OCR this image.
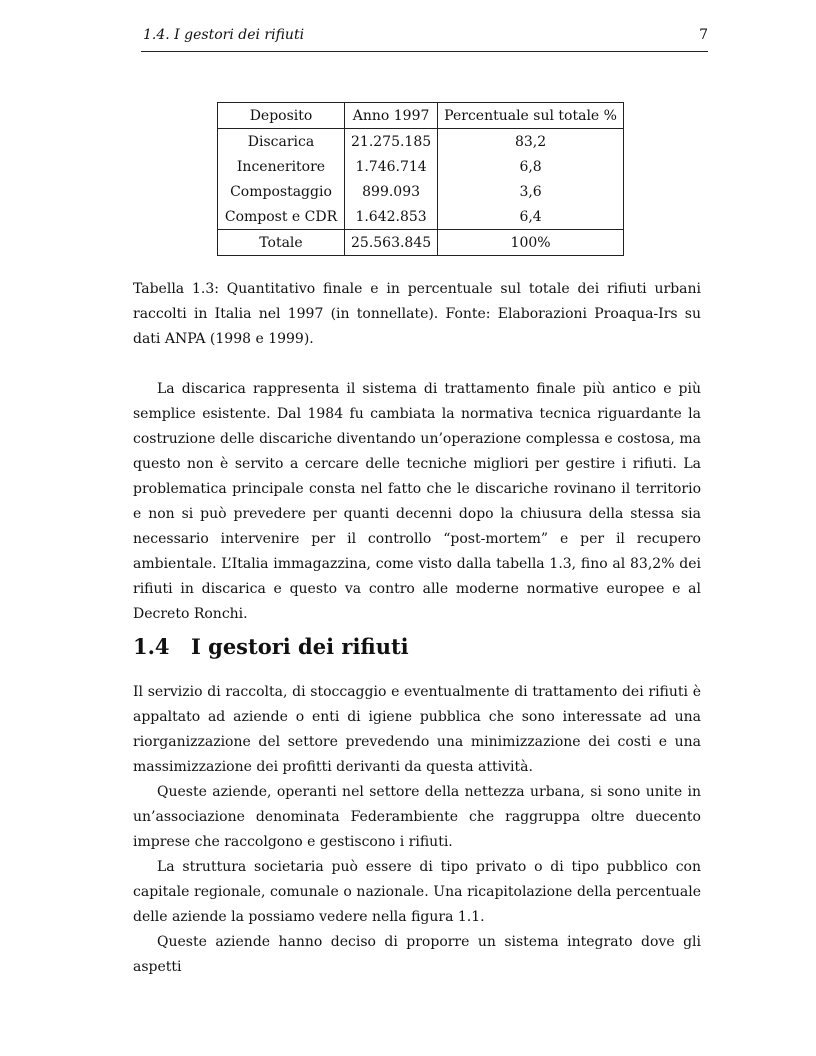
1.4. I gestori dei rifiuti	7
Deposito	Anno 1997	Percentuale sul totale %
Discarica	21.275.185	83,2
Inceneritore	1.746.714	6,8
Compostaggio	899.093	3,6
Compost e CDR	1.642.853	6,4
Totale	25.563.845	100%

Tabella 1.3: Quantitativo finale e in percentuale sul totale dei rifiuti urbani raccolti in Italia nel 1997 (in tonnellate). Fonte: Elaborazioni Proaqua-Irs su dati ANPA (1998 e 1999).

La discarica rappresenta il sistema di trattamento finale più antico e più semplice esistente. Dal 1984 fu cambiata la normativa tecnica riguardante la costruzione delle discariche diventando un’operazione complessa e costosa, ma questo non è servito a cercare delle tecniche migliori per gestire i rifiuti. La problematica principale consta nel fatto che le discariche rovinano il territorio e non si può prevedere per quanti decenni dopo la chiusura della stessa sia necessario intervenire per il controllo “post-mortem” e per il recupero ambientale. L’Italia immagazzina, come visto dalla tabella 1.3, fino al 83,2% dei rifiuti in discarica e questo va contro alle moderne normative europee e al Decreto Ronchi.

1.4 I gestori dei rifiuti

Il servizio di raccolta, di stoccaggio e eventualmente di trattamento dei rifiuti è appaltato ad aziende o enti di igiene pubblica che sono interessate ad una riorganizzazione del settore prevedendo una minimizzazione dei costi e una massimizzazione dei profitti derivanti da questa attività.

Queste aziende, operanti nel settore della nettezza urbana, si sono unite in un’associazione denominata Federambiente che raggruppa oltre duecento imprese che raccolgono e gestiscono i rifiuti.

La struttura societaria può essere di tipo privato o di tipo pubblico con capitale regionale, comunale o nazionale. Una ricapitolazione della percentuale delle aziende la possiamo vedere nella figura 1.1.

Queste aziende hanno deciso di proporre un sistema integrato dove gli aspetti
